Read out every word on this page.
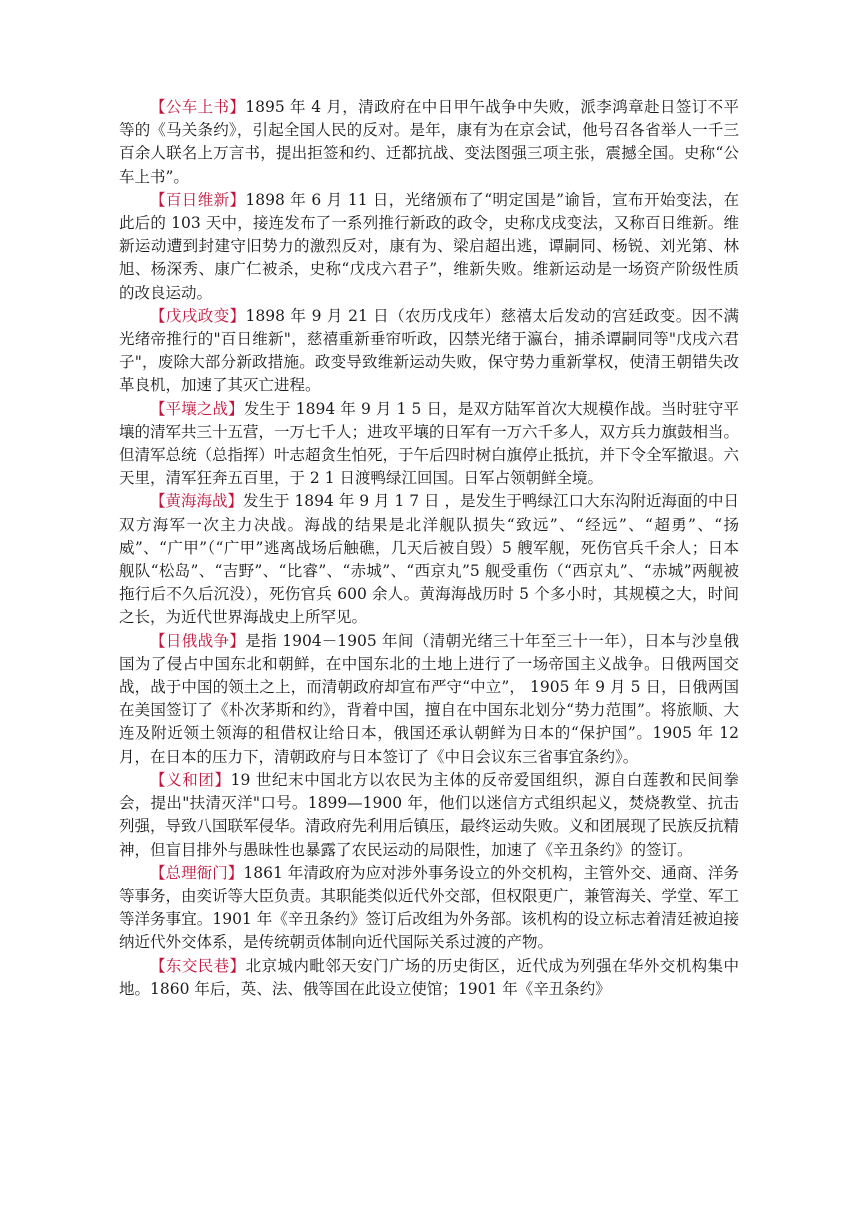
【公车上书】1895 年 4 月，清政府在中日甲午战争中失败，派李鸿章赴日签订不平等的《马关条约》，引起全国人民的反对。是年，康有为在京会试，他号召各省举人一千三百余人联名上万言书，提出拒签和约、迁都抗战、变法图强三项主张，震撼全国。史称“公车上书”。

【百日维新】1898 年 6 月 11 日，光绪颁布了“明定国是”谕旨，宣布开始变法，在此后的 103 天中，接连发布了一系列推行新政的政令，史称戊戌变法，又称百日维新。维新运动遭到封建守旧势力的激烈反对，康有为、梁启超出逃，谭嗣同、杨锐、刘光第、林旭、杨深秀、康广仁被杀，史称“戊戌六君子”，维新失败。维新运动是一场资产阶级性质的改良运动。

【戊戌政变】1898 年 9 月 21 日（农历戊戌年）慈禧太后发动的宫廷政变。因不满光绪帝推行的"百日维新"，慈禧重新垂帘听政，囚禁光绪于瀛台，捕杀谭嗣同等"戊戌六君子"，废除大部分新政措施。政变导致维新运动失败，保守势力重新掌权，使清王朝错失改革良机，加速了其灭亡进程。

【平壤之战】发生于 1894 年 9 月 1 5 日，是双方陆军首次大规模作战。当时驻守平壤的清军共三十五营，一万七千人；进攻平壤的日军有一万六千多人，双方兵力旗鼓相当。但清军总统（总指挥）叶志超贪生怕死，于午后四时树白旗停止抵抗，并下令全军撤退。六天里，清军狂奔五百里，于 2 1 日渡鸭绿江回国。日军占领朝鲜全境。

【黄海海战】发生于 1894 年 9 月 1 7 日 ，是发生于鸭绿江口大东沟附近海面的中日双方海军一次主力决战。海战的结果是北洋舰队损失“致远”、“经远”、“超勇”、“扬威”、“广甲”（“广甲”逃离战场后触礁，几天后被自毁）5 艘军舰，死伤官兵千余人；日本舰队“松岛”、“吉野”、“比睿”、“赤城”、“西京丸”5 舰受重伤（“西京丸”、“赤城”两舰被拖行后不久后沉没），死伤官兵 600 余人。黄海海战历时 5 个多小时，其规模之大，时间之长，为近代世界海战史上所罕见。

【日俄战争】是指 1904－1905 年间（清朝光绪三十年至三十一年），日本与沙皇俄国为了侵占中国东北和朝鲜，在中国东北的土地上进行了一场帝国主义战争。日俄两国交战，战于中国的领土之上，而清朝政府却宣布严守“中立”， 1905 年 9 月 5 日，日俄两国在美国签订了《朴次茅斯和约》，背着中国，擅自在中国东北划分“势力范围”。将旅顺、大连及附近领土领海的租借权让给日本，俄国还承认朝鲜为日本的“保护国”。1905 年 12 月，在日本的压力下，清朝政府与日本签订了《中日会议东三省事宜条约》。

【义和团】19 世纪末中国北方以农民为主体的反帝爱国组织，源自白莲教和民间拳会，提出"扶清灭洋"口号。1899—1900 年，他们以迷信方式组织起义，焚烧教堂、抗击列强，导致八国联军侵华。清政府先利用后镇压，最终运动失败。义和团展现了民族反抗精神，但盲目排外与愚昧性也暴露了农民运动的局限性，加速了《辛丑条约》的签订。

【总理衙门】1861 年清政府为应对涉外事务设立的外交机构，主管外交、通商、洋务等事务，由奕䜣等大臣负责。其职能类似近代外交部，但权限更广，兼管海关、学堂、军工等洋务事宜。1901 年《辛丑条约》签订后改组为外务部。该机构的设立标志着清廷被迫接纳近代外交体系，是传统朝贡体制向近代国际关系过渡的产物。

【东交民巷】北京城内毗邻天安门广场的历史街区，近代成为列强在华外交机构集中地。1860 年后，英、法、俄等国在此设立使馆；1901 年《辛丑条约》
